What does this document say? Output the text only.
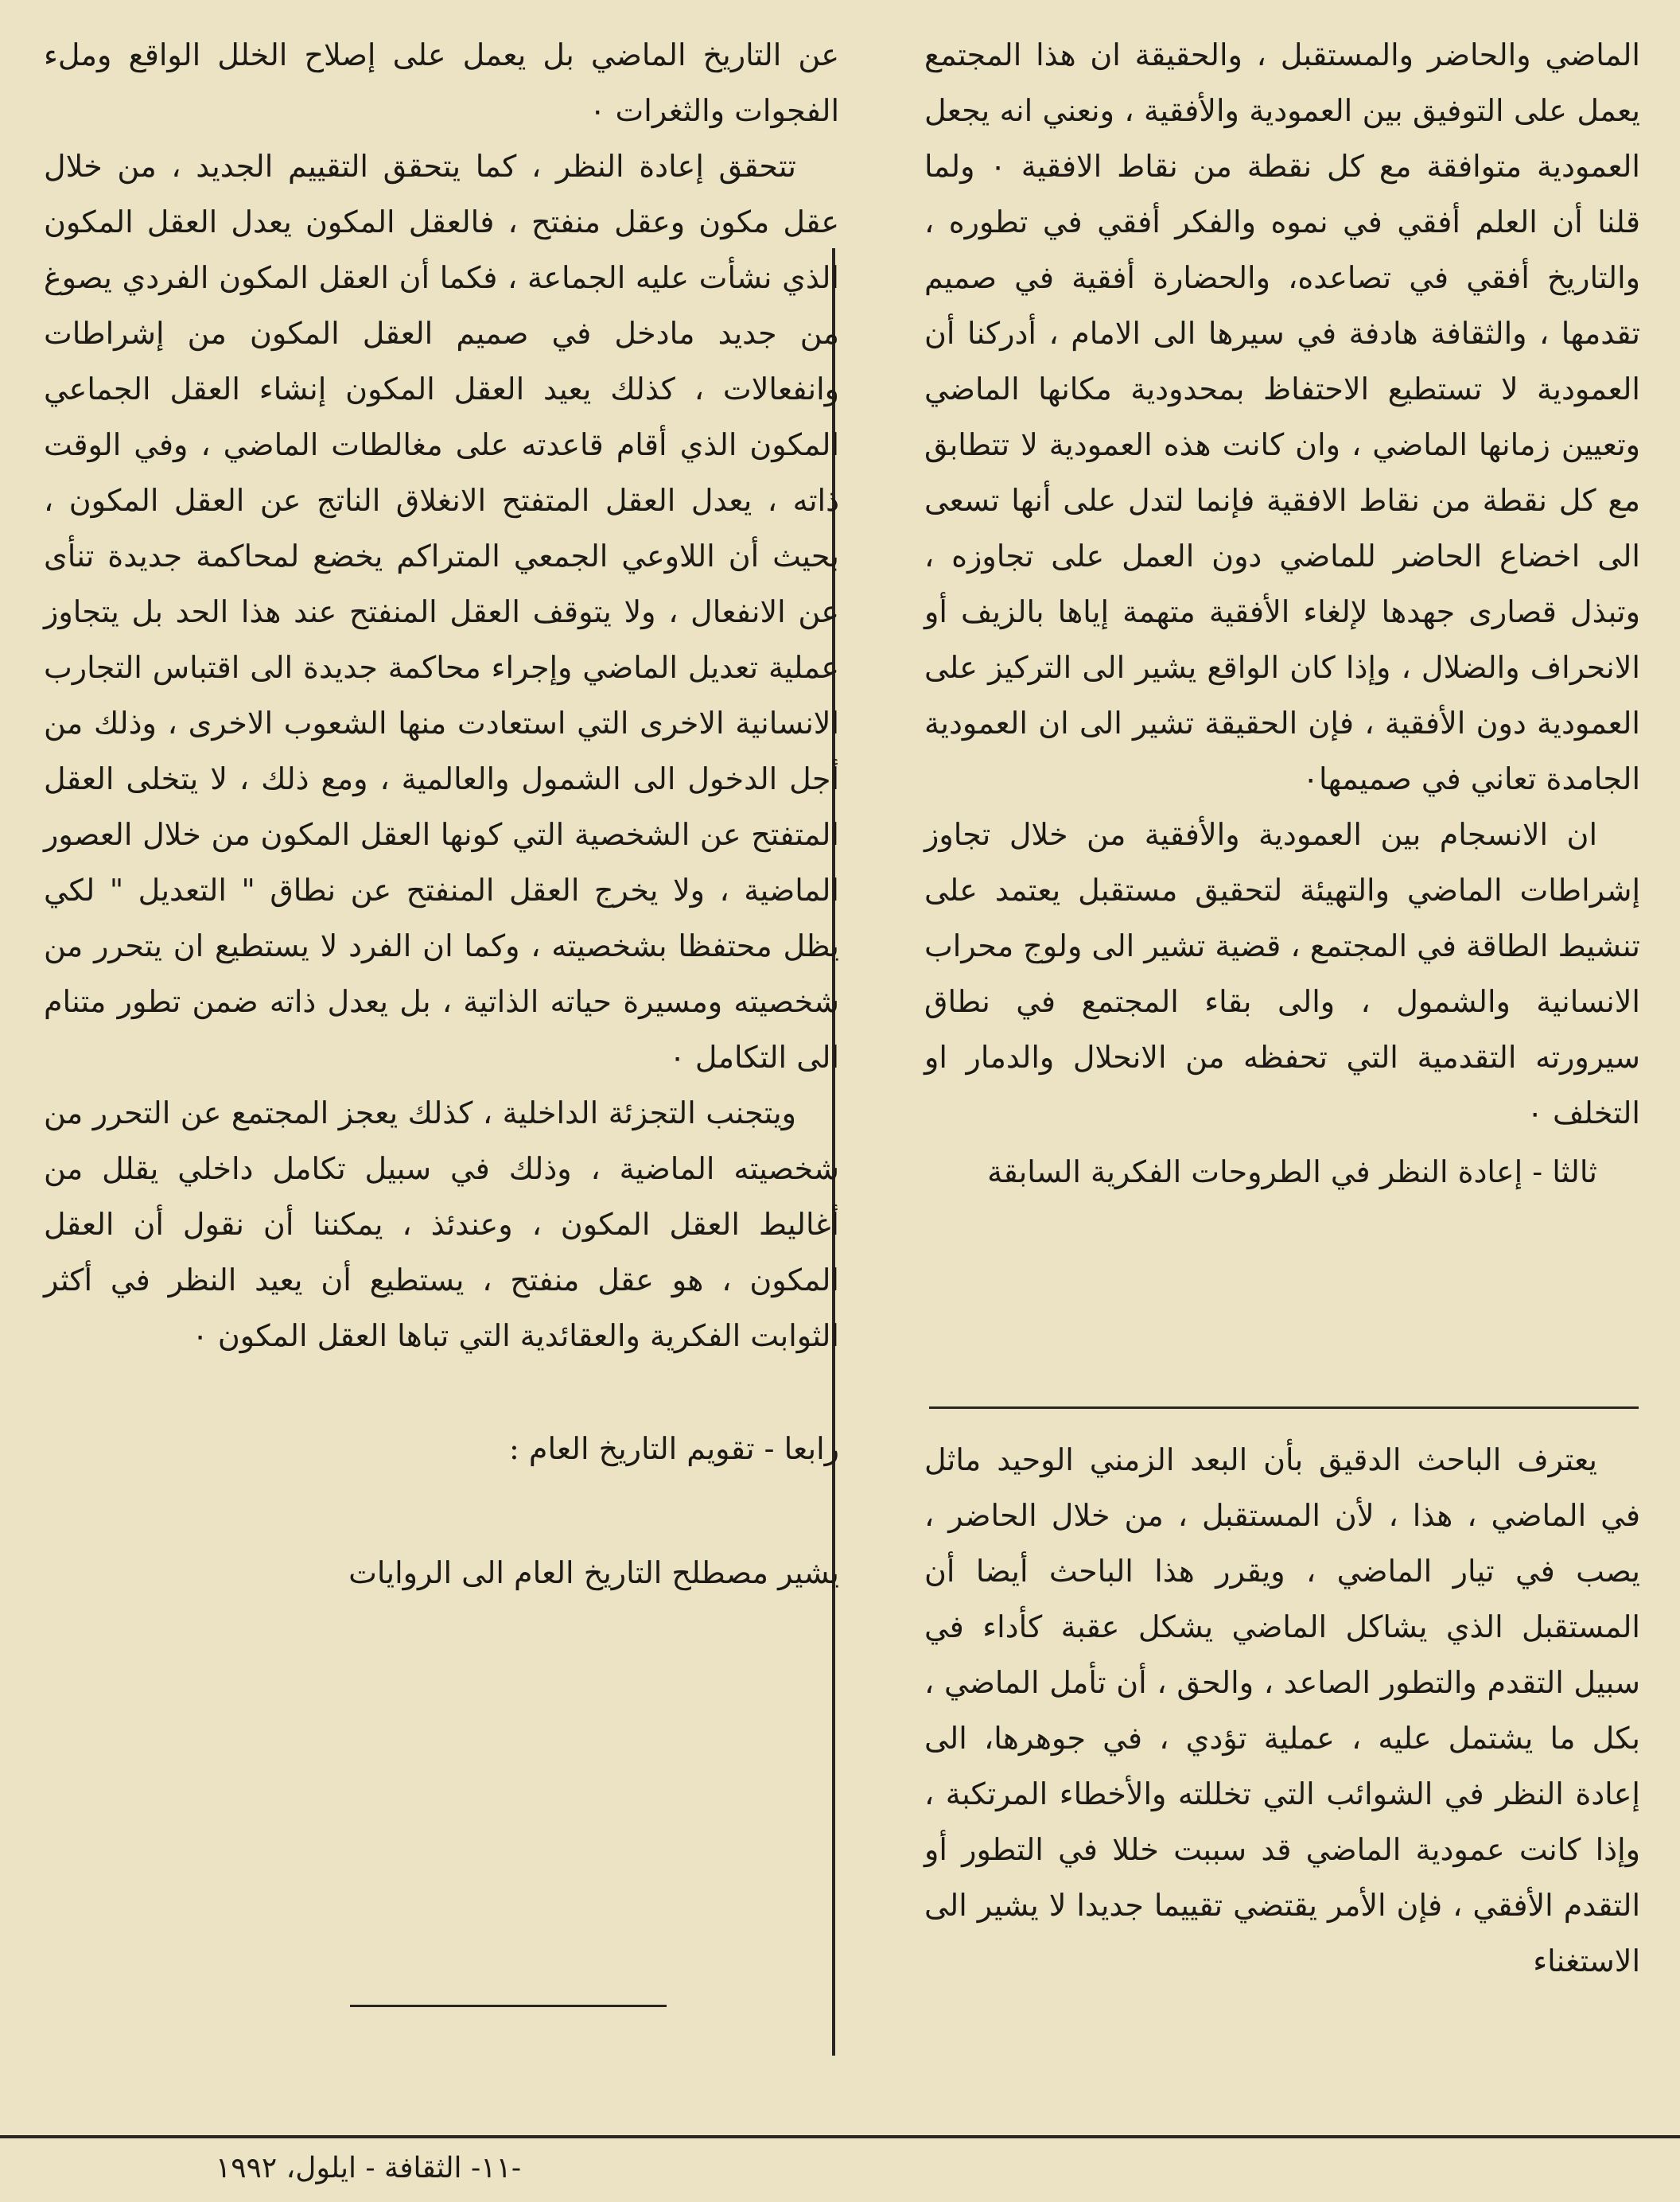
الماضي والحاضر والمستقبل ، والحقيقة ان هذا المجتمع يعمل على التوفيق بين العمودية والأفقية ، ونعني انه يجعل العمودية متوافقة مع كل نقطة من نقاط الافقية ٠ ولما قلنا أن العلم أفقي في نموه والفكر أفقي في تطوره ، والتاريخ أفقي في تصاعده، والحضارة أفقية في صميم تقدمها ، والثقافة هادفة في سيرها الى الامام ، أدركنا أن العمودية لا تستطيع الاحتفاظ بمحدودية مكانها الماضي وتعيين زمانها الماضي ، وان كانت هذه العمودية لا تتطابق مع كل نقطة من نقاط الافقية فإنما لتدل على أنها تسعى الى اخضاع الحاضر للماضي دون العمل على تجاوزه ، وتبذل قصارى جهدها لإلغاء الأفقية متهمة إياها بالزيف أو الانحراف والضلال ، وإذا كان الواقع يشير الى التركيز على العمودية دون الأفقية ، فإن الحقيقة تشير الى ان العمودية الجامدة تعاني في صميمها٠

ان الانسجام بين العمودية والأفقية من خلال تجاوز إشراطات الماضي والتهيئة لتحقيق مستقبل يعتمد على تنشيط الطاقة في المجتمع ، قضية تشير الى ولوج محراب الانسانية والشمول ، والى بقاء المجتمع في نطاق سيرورته التقدمية التي تحفظه من الانحلال والدمار او التخلف ٠

ثالثا - إعادة النظر في الطروحات الفكرية السابقة

يعترف الباحث الدقيق بأن البعد الزمني الوحيد ماثل في الماضي ، هذا ، لأن المستقبل ، من خلال الحاضر ، يصب في تيار الماضي ، ويقرر هذا الباحث أيضا أن المستقبل الذي يشاكل الماضي يشكل عقبة كأداء في سبيل التقدم والتطور الصاعد ، والحق ، أن تأمل الماضي ، بكل ما يشتمل عليه ، عملية تؤدي ، في جوهرها، الى إعادة النظر في الشوائب التي تخللته والأخطاء المرتكبة ، وإذا كانت عمودية الماضي قد سببت خللا في التطور أو التقدم الأفقي ، فإن الأمر يقتضي تقييما جديدا لا يشير الى الاستغناء

عن التاريخ الماضي بل يعمل على إصلاح الخلل الواقع وملء الفجوات والثغرات ٠

تتحقق إعادة النظر ، كما يتحقق التقييم الجديد ، من خلال عقل مكون وعقل منفتح ، فالعقل المكون يعدل العقل المكون الذي نشأت عليه الجماعة ، فكما أن العقل المكون الفردي يصوغ من جديد مادخل في صميم العقل المكون من إشراطات وانفعالات ، كذلك يعيد العقل المكون إنشاء العقل الجماعي المكون الذي أقام قاعدته على مغالطات الماضي ، وفي الوقت ذاته ، يعدل العقل المتفتح الانغلاق الناتج عن العقل المكون ، بحيث أن اللاوعي الجمعي المتراكم يخضع لمحاكمة جديدة تنأى عن الانفعال ، ولا يتوقف العقل المنفتح عند هذا الحد بل يتجاوز عملية تعديل الماضي وإجراء محاكمة جديدة الى اقتباس التجارب الانسانية الاخرى التي استعادت منها الشعوب الاخرى ، وذلك من أجل الدخول الى الشمول والعالمية ، ومع ذلك ، لا يتخلى العقل المتفتح عن الشخصية التي كونها العقل المكون من خلال العصور الماضية ، ولا يخرج العقل المنفتح عن نطاق " التعديل " لكي يظل محتفظا بشخصيته ، وكما ان الفرد لا يستطيع ان يتحرر من شخصيته ومسيرة حياته الذاتية ، بل يعدل ذاته ضمن تطور متنام الى التكامل ٠

ويتجنب التجزئة الداخلية ، كذلك يعجز المجتمع عن التحرر من شخصيته الماضية ، وذلك في سبيل تكامل داخلي يقلل من أغاليط العقل المكون ، وعندئذ ، يمكننا أن نقول أن العقل المكون ، هو عقل منفتح ، يستطيع أن يعيد النظر في أكثر الثوابت الفكرية والعقائدية التي تباها العقل المكون ٠

رابعا - تقويم التاريخ العام :

يشير مصطلح التاريخ العام الى الروايات

-١١- الثقافة - ايلول، ١٩٩٢
